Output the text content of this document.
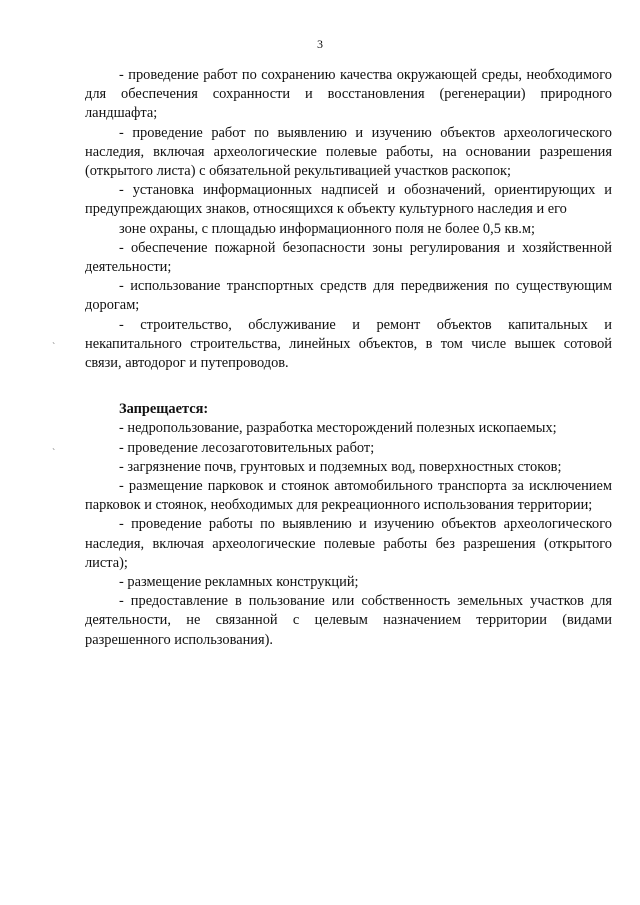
3
`
`

- проведение работ по сохранению качества окружающей среды, необходимого для обеспечения сохранности и восстановления (регенерации) природного ландшафта;

- проведение работ по выявлению и изучению объектов археологического наследия, включая археологические полевые работы, на основании разрешения (открытого листа) с обязательной рекультивацией участков раскопок;

- установка информационных надписей и обозначений, ориентирующих и предупреждающих знаков, относящихся к объекту культурного наследия и его

зоне охраны, с площадью информационного поля не более 0,5 кв.м;

- обеспечение пожарной безопасности зоны регулирования и хозяйственной деятельности;

- использование транспортных средств для передвижения по существующим дорогам;

- строительство, обслуживание и ремонт объектов капитальных и некапитального строительства, линейных объектов, в том числе вышек сотовой связи, автодорог и путепроводов.

Запрещается:

- недропользование, разработка месторождений полезных ископаемых;

- проведение лесозаготовительных работ;

- загрязнение почв, грунтовых и подземных вод, поверхностных стоков;

- размещение парковок и стоянок автомобильного транспорта за исключением парковок и стоянок, необходимых для рекреационного использования территории;

- проведение работы по выявлению и изучению объектов археологического наследия, включая археологические полевые работы без разрешения (открытого листа);

- размещение рекламных конструкций;

- предоставление в пользование или собственность земельных участков для деятельности, не связанной с целевым назначением территории (видами разрешенного использования).
